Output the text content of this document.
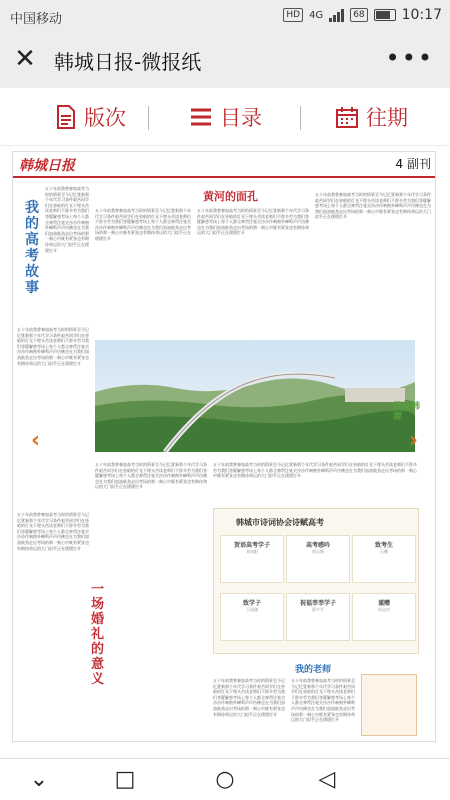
中国移动	HD 4G	68	10:17
✕ 韩城日报-微报纸	•••
版次	目录	往期
韩城日报	4 副刊
我的高考故事
五十年前我曾参加高考当时的情景至今记忆犹新那个年代学习条件艰苦同学们在昏暗的灯光下埋头苦读老师们不辞辛劳为我们答疑解惑考场上每个人都全神贯注笔尖沙沙作响窗外蝉鸣声声仿佛也在为我们加油鼓劲走出考场的那一刻心中既有紧张也有期待命运的大门似乎正在缓缓打开
五十年前我曾参加高考当时的情景至今记忆犹新那个年代学习条件艰苦同学们在昏暗的灯光下埋头苦读老师们不辞辛劳为我们答疑解惑考场上每个人都全神贯注笔尖沙沙作响窗外蝉鸣声声仿佛也在为我们加油鼓劲走出考场的那一刻心中既有紧张也有期待命运的大门似乎正在缓缓打开
五十年前我曾参加高考当时的情景至今记忆犹新那个年代学习条件艰苦同学们在昏暗的灯光下埋头苦读老师们不辞辛劳为我们答疑解惑考场上每个人都全神贯注笔尖沙沙作响窗外蝉鸣声声仿佛也在为我们加油鼓劲走出考场的那一刻心中既有紧张也有期待命运的大门似乎正在缓缓打开
黄河的面孔
五十年前我曾参加高考当时的情景至今记忆犹新那个年代学习条件艰苦同学们在昏暗的灯光下埋头苦读老师们不辞辛劳为我们答疑解惑考场上每个人都全神贯注笔尖沙沙作响窗外蝉鸣声声仿佛也在为我们加油鼓劲走出考场的那一刻心中既有紧张也有期待命运的大门似乎正在缓缓打开
五十年前我曾参加高考当时的情景至今记忆犹新那个年代学习条件艰苦同学们在昏暗的灯光下埋头苦读老师们不辞辛劳为我们答疑解惑考场上每个人都全神贯注笔尖沙沙作响窗外蝉鸣声声仿佛也在为我们加油鼓劲走出考场的那一刻心中既有紧张也有期待命运的大门似乎正在缓缓打开
五十年前我曾参加高考当时的情景至今记忆犹新那个年代学习条件艰苦同学们在昏暗的灯光下埋头苦读老师们不辞辛劳为我们答疑解惑考场上每个人都全神贯注笔尖沙沙作响窗外蝉鸣声声仿佛也在为我们加油鼓劲走出考场的那一刻心中既有紧张也有期待命运的大门似乎正在缓缓打开
绿染韩塬
‹	›
五十年前我曾参加高考当时的情景至今记忆犹新那个年代学习条件艰苦同学们在昏暗的灯光下埋头苦读老师们不辞辛劳为我们答疑解惑考场上每个人都全神贯注笔尖沙沙作响窗外蝉鸣声声仿佛也在为我们加油鼓劲走出考场的那一刻心中既有紧张也有期待命运的大门似乎正在缓缓打开
五十年前我曾参加高考当时的情景至今记忆犹新那个年代学习条件艰苦同学们在昏暗的灯光下埋头苦读老师们不辞辛劳为我们答疑解惑考场上每个人都全神贯注笔尖沙沙作响窗外蝉鸣声声仿佛也在为我们加油鼓劲走出考场的那一刻心中既有紧张也有期待命运的大门似乎正在缓缓打开
一场婚礼的意义
韩城市诗词协会诗赋高考
贺语高考学子
刘向阳
高考感吟
贾自新
致考生
石鹏
致学子
王国谦
祝福莘莘学子
薛少平
谨赠
周志庆
我的老师
五十年前我曾参加高考当时的情景至今记忆犹新那个年代学习条件艰苦同学们在昏暗的灯光下埋头苦读老师们不辞辛劳为我们答疑解惑考场上每个人都全神贯注笔尖沙沙作响窗外蝉鸣声声仿佛也在为我们加油鼓劲走出考场的那一刻心中既有紧张也有期待命运的大门似乎正在缓缓打开
五十年前我曾参加高考当时的情景至今记忆犹新那个年代学习条件艰苦同学们在昏暗的灯光下埋头苦读老师们不辞辛劳为我们答疑解惑考场上每个人都全神贯注笔尖沙沙作响窗外蝉鸣声声仿佛也在为我们加油鼓劲走出考场的那一刻心中既有紧张也有期待命运的大门似乎正在缓缓打开
⌄	□	○	◁
